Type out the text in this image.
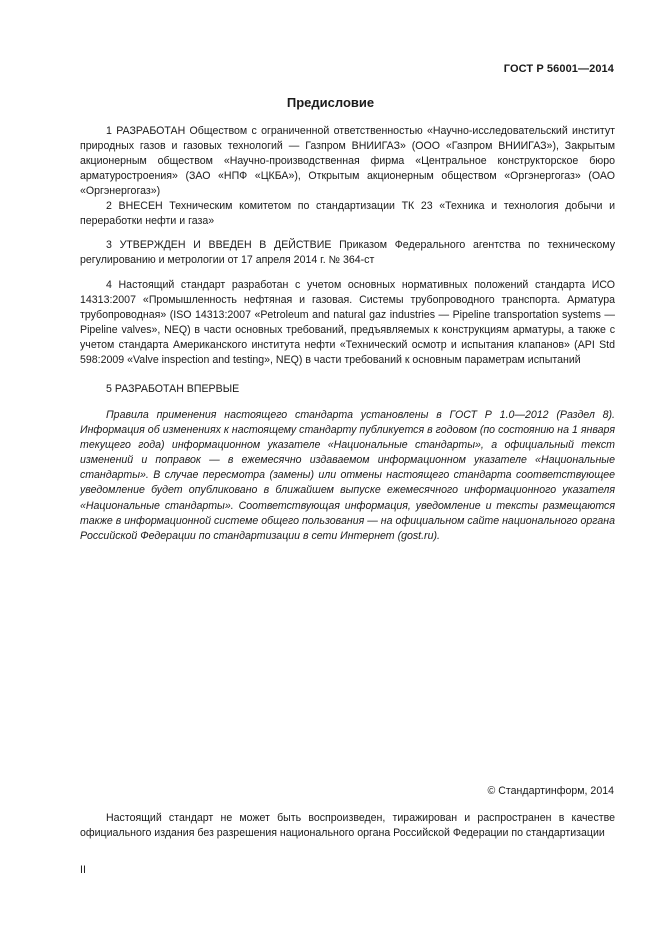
ГОСТ Р 56001—2014
Предисловие

1 РАЗРАБОТАН Обществом с ограниченной ответственностью «Научно-исследовательский институт природных газов и газовых технологий — Газпром ВНИИГАЗ» (ООО «Газпром ВНИИГАЗ»), Закрытым акционерным обществом «Научно-производственная фирма «Центральное конструкторское бюро арматуростроения» (ЗАО «НПФ «ЦКБА»), Открытым акционерным обществом «Оргэнергогаз» (ОАО «Оргэнергогаз»)

2 ВНЕСЕН Техническим комитетом по стандартизации ТК 23 «Техника и технология добычи и переработки нефти и газа»

3 УТВЕРЖДЕН И ВВЕДЕН В ДЕЙСТВИЕ Приказом Федерального агентства по техническому регулированию и метрологии от 17 апреля 2014 г. № 364-ст

4 Настоящий стандарт разработан с учетом основных нормативных положений стандарта ИСО 14313:2007 «Промышленность нефтяная и газовая. Системы трубопроводного транспорта. Арматура трубопроводная» (ISO 14313:2007 «Petroleum and natural gaz industries — Pipeline transportation systems — Pipeline valves», NEQ) в части основных требований, предъявляемых к конструкциям арматуры, а также с учетом стандарта Американского института нефти «Технический осмотр и испытания клапанов» (API Std 598:2009 «Valve inspection and testing», NEQ) в части требований к основным параметрам испытаний

5 РАЗРАБОТАН ВПЕРВЫЕ

Правила применения настоящего стандарта установлены в ГОСТ Р 1.0—2012 (Раздел 8). Информация об изменениях к настоящему стандарту публикуется в годовом (по состоянию на 1 января текущего года) информационном указателе «Национальные стандарты», а официальный текст изменений и поправок — в ежемесячно издаваемом информационном указателе «Национальные стандарты». В случае пересмотра (замены) или отмены настоящего стандарта соответствующее уведомление будет опубликовано в ближайшем выпуске ежемесячного информационного указателя «Национальные стандарты». Соответствующая информация, уведомление и тексты размещаются также в информационной системе общего пользования — на официальном сайте национального органа Российской Федерации по стандартизации в сети Интернет (gost.ru).

© Стандартинформ, 2014

Настоящий стандарт не может быть воспроизведен, тиражирован и распространен в качестве официального издания без разрешения национального органа Российской Федерации по стандартизации

II
